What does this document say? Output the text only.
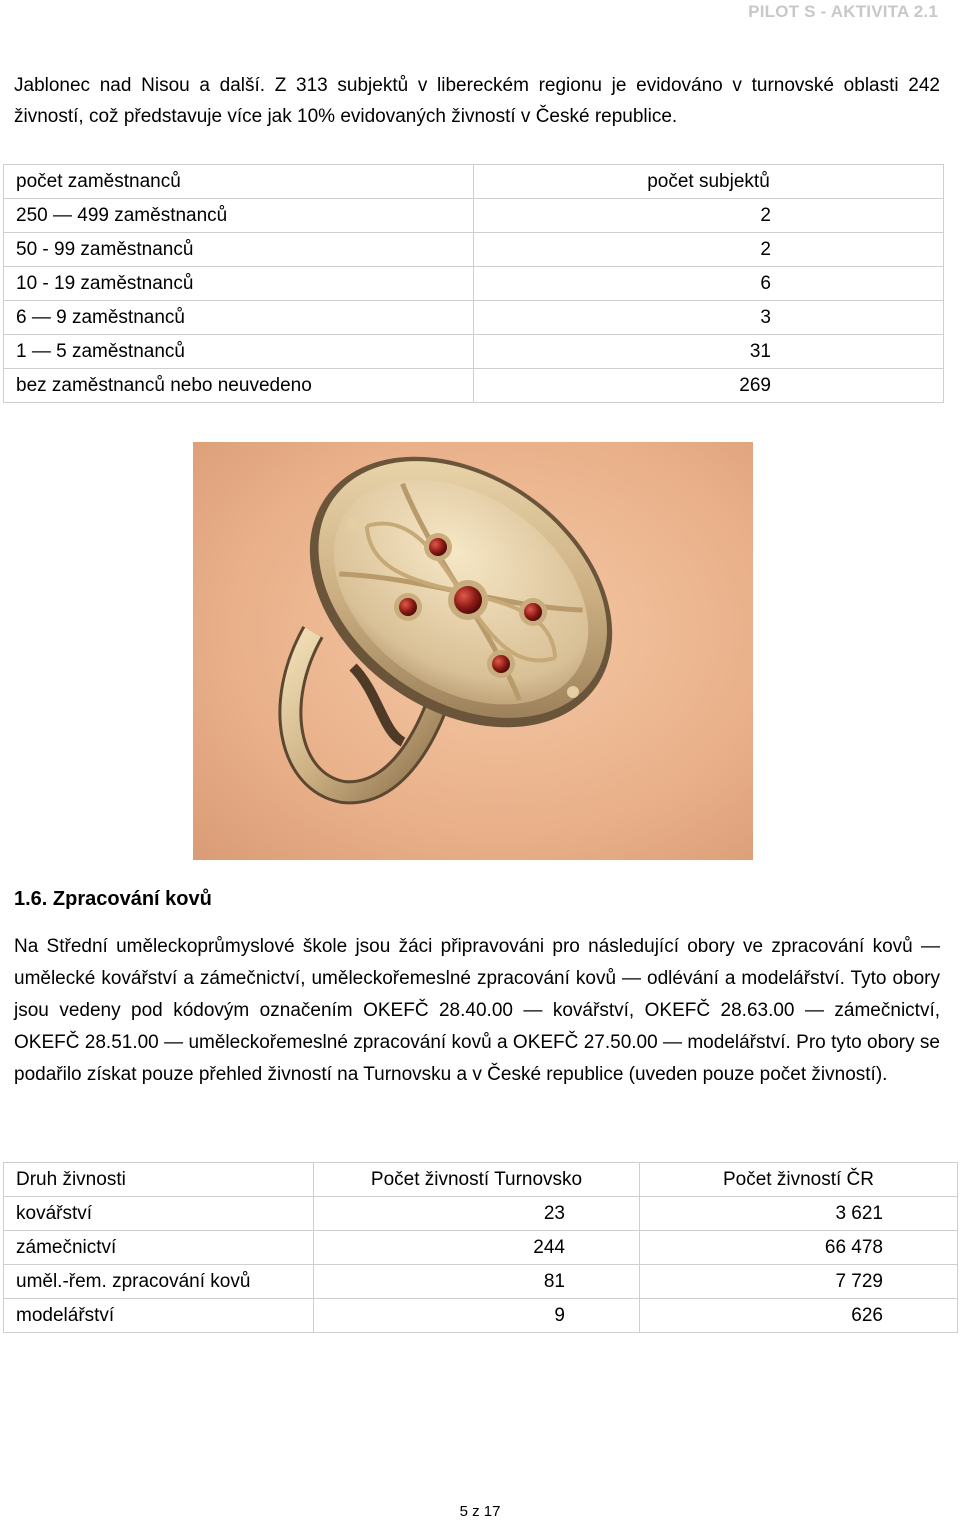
PILOT S - AKTIVITA 2.1

Jablonec nad Nisou a další. Z 313 subjektů v libereckém regionu je evidováno v turnovské oblasti 242 živností, což představuje více jak 10% evidovaných živností v České republice.

počet zaměstnanců	počet subjektů
250 — 499 zaměstnanců	2
50 - 99 zaměstnanců	2
10 - 19 zaměstnanců	6
6 — 9 zaměstnanců	3
1 — 5 zaměstnanců	31
bez zaměstnanců nebo neuvedeno	269
1.6. Zpracování kovů

Na Střední uměleckoprůmyslové škole jsou žáci připravováni pro následující obory ve zpracování kovů — umělecké kovářství a zámečnictví, uměleckořemeslné zpracování kovů — odlévání a modelářství. Tyto obory jsou vedeny pod kódovým označením OKEFČ 28.40.00 — kovářství, OKEFČ 28.63.00 — zámečnictví, OKEFČ 28.51.00 — uměleckořemeslné zpracování kovů a OKEFČ 27.50.00 — modelářství. Pro tyto obory se podařilo získat pouze přehled živností na Turnovsku a v České republice (uveden pouze počet živností).

Druh živnosti	Počet živností Turnovsko	Počet živností ČR
kovářství	23	3 621
zámečnictví	244	66 478
uměl.-řem. zpracování kovů	81	7 729
modelářství	9	626
5 z 17
